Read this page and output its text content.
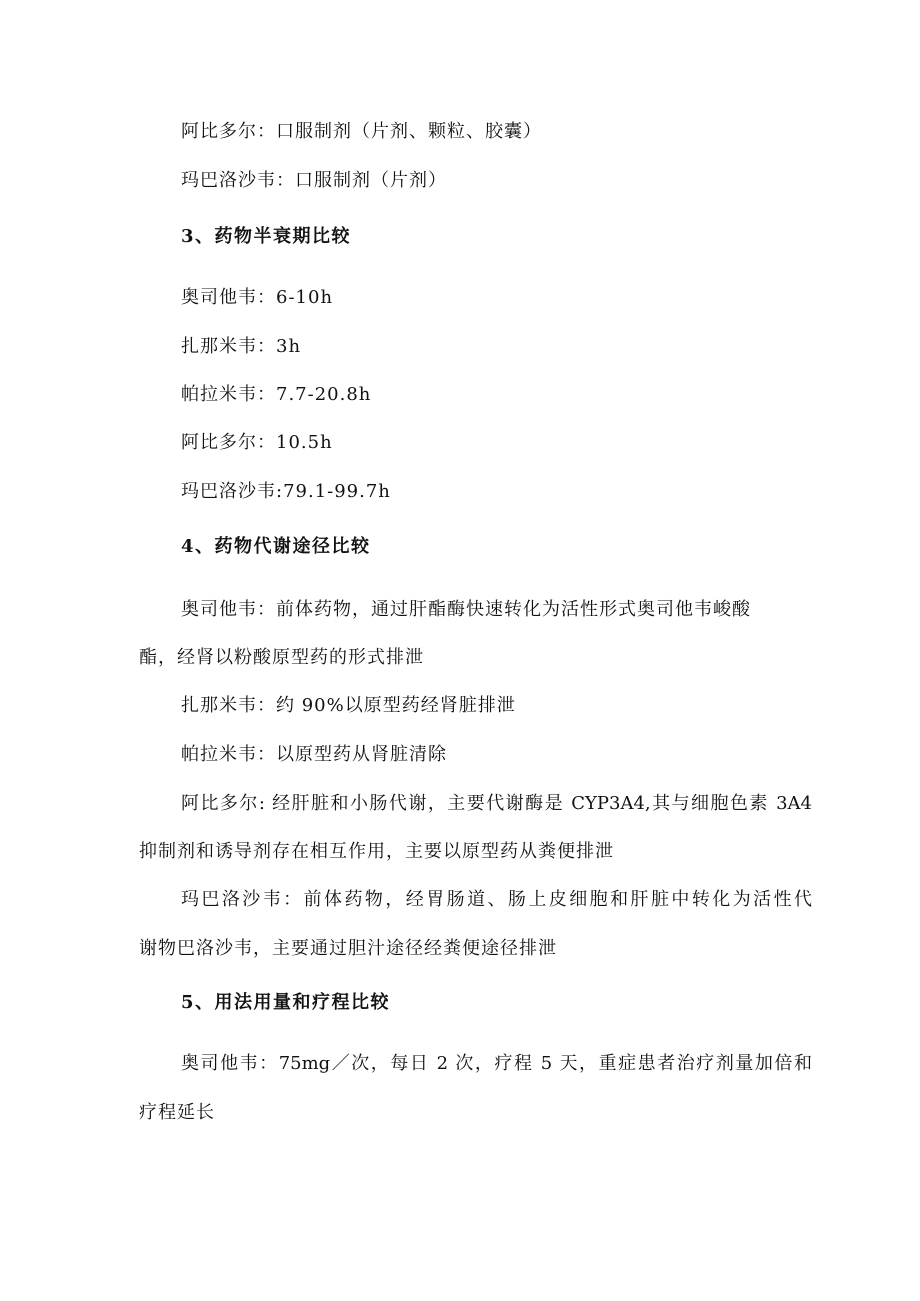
阿比多尔：口服制剂（片剂、颗粒、胶囊）
玛巴洛沙韦：口服制剂（片剂）
3、药物半衰期比较
奥司他韦：6-10h
扎那米韦：3h
帕拉米韦：7.7-20.8h
阿比多尔：10.5h
玛巴洛沙韦:79.1-99.7h
4、药物代谢途径比较
奥司他韦：前体药物，通过肝酯酶快速转化为活性形式奥司他韦峻酸
酯，经肾以粉酸原型药的形式排泄
扎那米韦：约 90%以原型药经肾脏排泄
帕拉米韦：以原型药从肾脏清除
阿比多尔: 经肝脏和小肠代谢，主要代谢酶是 CYP3A4,其与细胞色素 3A4
抑制剂和诱导剂存在相互作用，主要以原型药从粪便排泄
玛巴洛沙韦：前体药物，经胃肠道、肠上皮细胞和肝脏中转化为活性代
谢物巴洛沙韦，主要通过胆汁途径经粪便途径排泄
5、用法用量和疗程比较
奥司他韦：75mg／次，每日 2 次，疗程 5 天，重症患者治疗剂量加倍和
疗程延长
